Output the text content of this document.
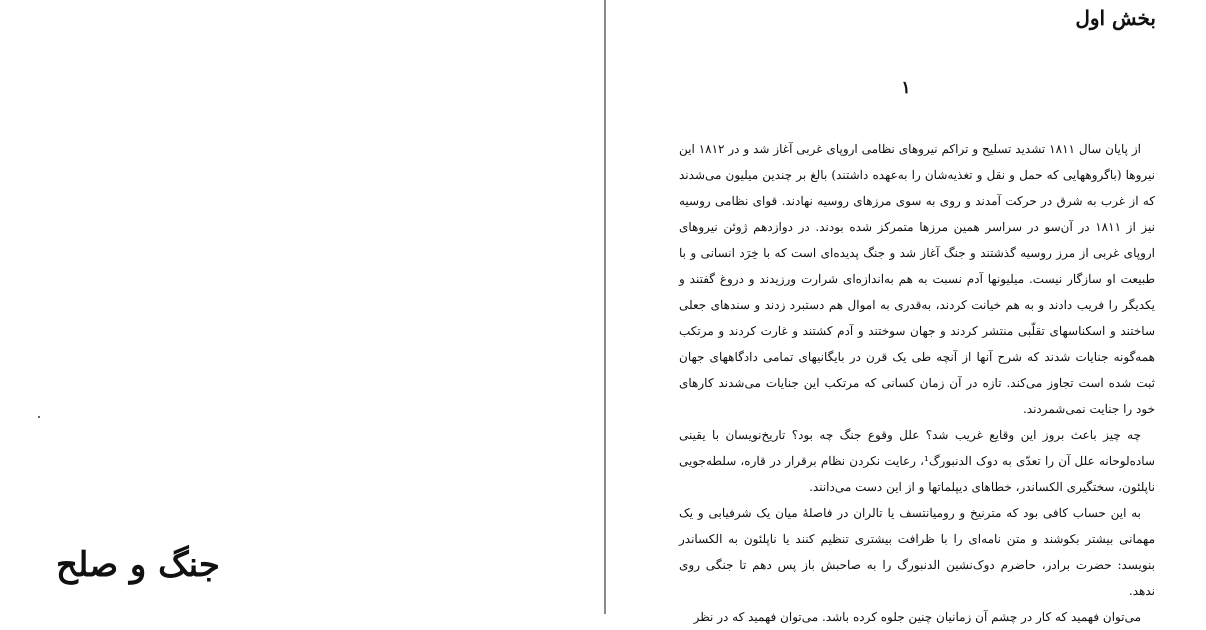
جنگ و صلح
بخش اول
۱

از پایان سال ۱۸۱۱ تشدید تسلیح و تراکم نیروهای نظامی اروپای غربی آغاز شد و در ۱۸۱۲ این نیروها (باگروههایی که حمل و نقل و تغذیه‌شان را به‌عهده داشتند) بالغ بر چندین میلیون می‌شدند که از غرب به شرق در حرکت آمدند و روی به سوی مرزهای روسیه نهادند. قوای نظامی روسیه نیز از ۱۸۱۱ در آن‌سو در سراسر همین مرزها متمرکز شده بودند. در دوازدهم ژوئن نیروهای اروپای غربی از مرز روسیه گذشتند و جنگ آغاز شد و جنگ پدیده‌ای است که با خِرَد انسانی و با طبیعت او سازگار نیست. میلیونها آدم نسبت به هم به‌اندازه‌ای شرارت ورزیدند و دروغ گفتند و یکدیگر را فریب دادند و به هم خیانت کردند، به‌قدری به اموال هم دستبرد زدند و سندهای جعلی ساختند و اسکناسهای تقلّبی منتشر کردند و جهان سوختند و آدم کشتند و غارت کردند و مرتکب همه‌گونه جنایات شدند که شرح آنها از آنچه طی یک قرن در بایگانیهای تمامی دادگاههای جهان ثبت شده است تجاوز می‌کند. تازه در آن زمان کسانی که مرتکب این جنایات می‌شدند کارهای خود را جنایت نمی‌شمردند.

چه چیز باعث بروز این وقایع غریب شد؟ علل وقوع جنگ چه بود؟ تاریخ‌نویسان با یقینی ساده‌لوحانه علل آن را تعدّی به دوک الدنبورگ¹، رعایت نکردن نظام برقرار در قاره، سلطه‌جویی ناپلئون، سختگیری الکساندر، خطاهای دیپلماتها و از این دست می‌دانند.

به این حساب کافی بود که مترنیخ و رومیانتسف یا تالران در فاصلهٔ میان یک شرفیابی و یک مهمانی بیشتر بکوشند و متن نامه‌ای را با ظرافت بیشتری تنظیم کنند یا ناپلئون به الکساندر بنویسد: حضرت برادر، حاضرم دوک‌نشین الدنبورگ را به صاحبش باز پس دهم تا جنگی روی ندهد.

می‌توان فهمید که کار در چشم آن زمانیان چنین جلوه کرده باشد. می‌توان فهمید که در نظر
